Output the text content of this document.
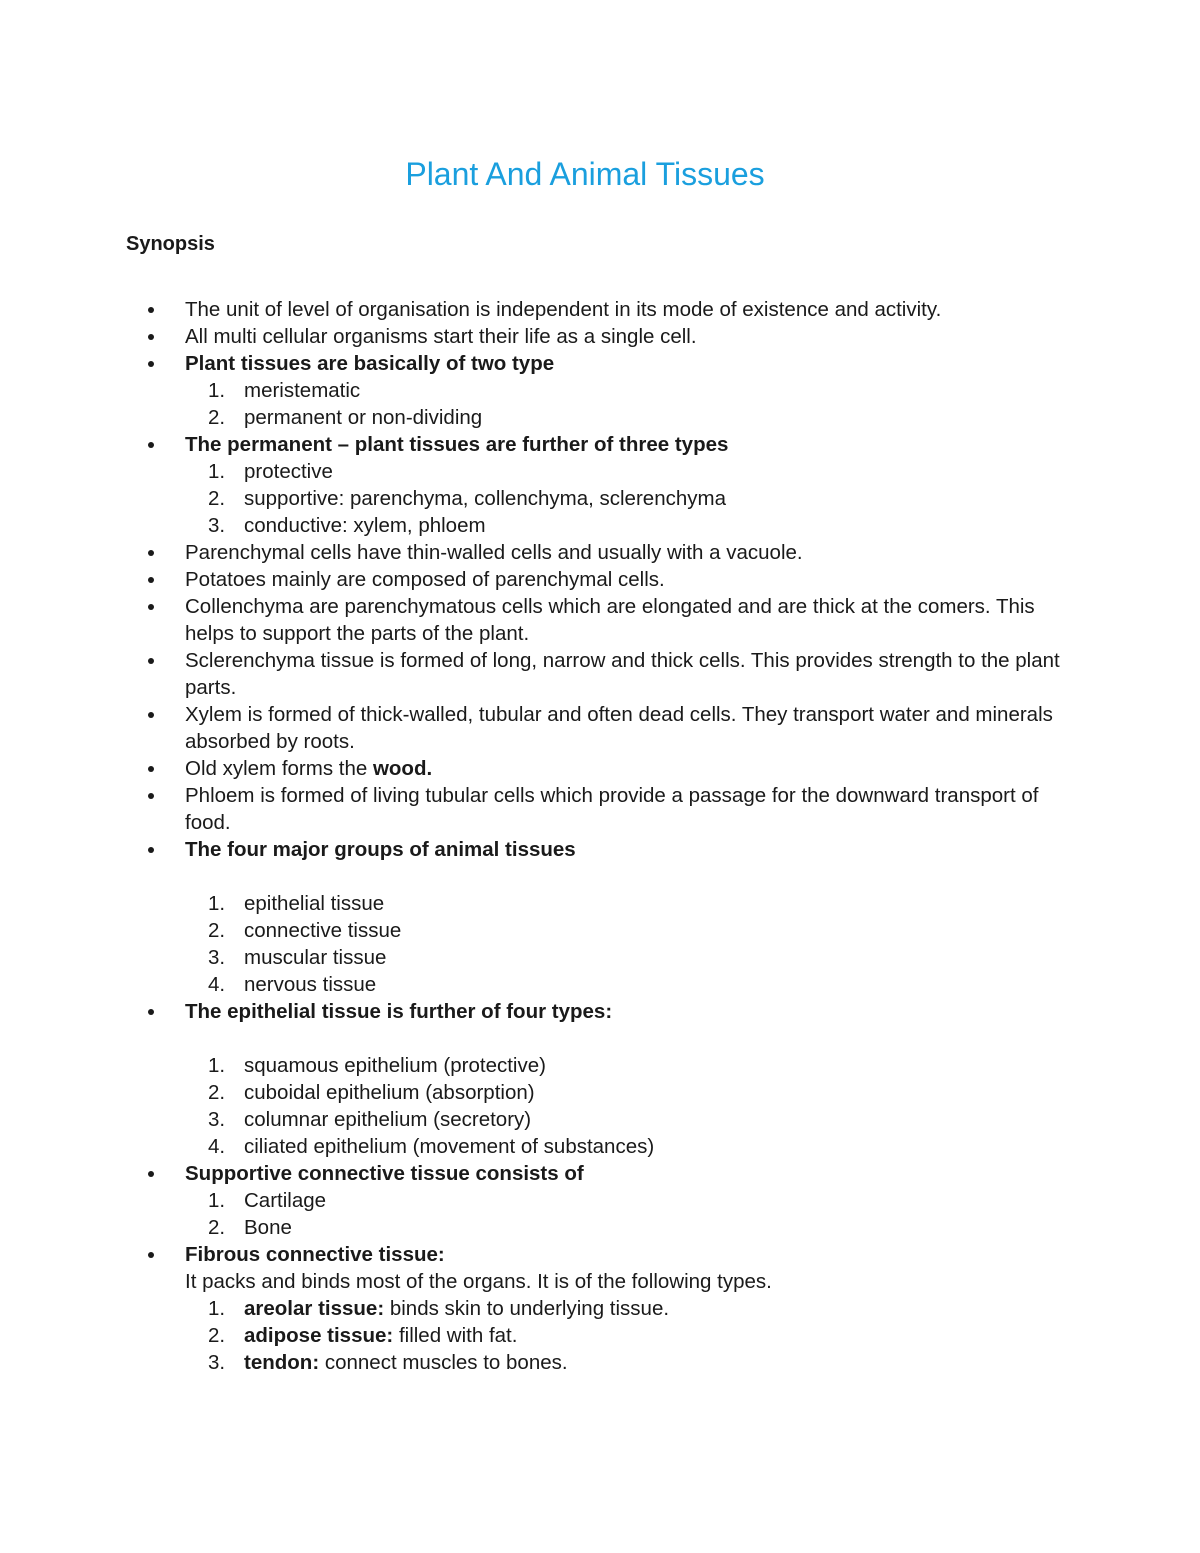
Plant And Animal Tissues
Synopsis
The unit of level of organisation is independent in its mode of existence and activity.
All multi cellular organisms start their life as a single cell.
Plant tissues are basically of two type
1. meristematic
2. permanent or non-dividing
The permanent – plant tissues are further of three types
1. protective
2. supportive: parenchyma, collenchyma, sclerenchyma
3. conductive: xylem, phloem
Parenchymal cells have thin-walled cells and usually with a vacuole.
Potatoes mainly are composed of parenchymal cells.
Collenchyma are parenchymatous cells which are elongated and are thick at the comers. This helps to support the parts of the plant.
Sclerenchyma tissue is formed of long, narrow and thick cells. This provides strength to the plant parts.
Xylem is formed of thick-walled, tubular and often dead cells. They transport water and minerals absorbed by roots.
Old xylem forms the wood.
Phloem is formed of living tubular cells which provide a passage for the downward transport of food.
The four major groups of animal tissues
1. epithelial tissue
2. connective tissue
3. muscular tissue
4. nervous tissue
The epithelial tissue is further of four types:
1. squamous epithelium (protective)
2. cuboidal epithelium (absorption)
3. columnar epithelium (secretory)
4. ciliated epithelium (movement of substances)
Supportive connective tissue consists of
1. Cartilage
2. Bone
Fibrous connective tissue:
It packs and binds most of the organs. It is of the following types.
1. areolar tissue: binds skin to underlying tissue.
2. adipose tissue: filled with fat.
3. tendon: connect muscles to bones.
